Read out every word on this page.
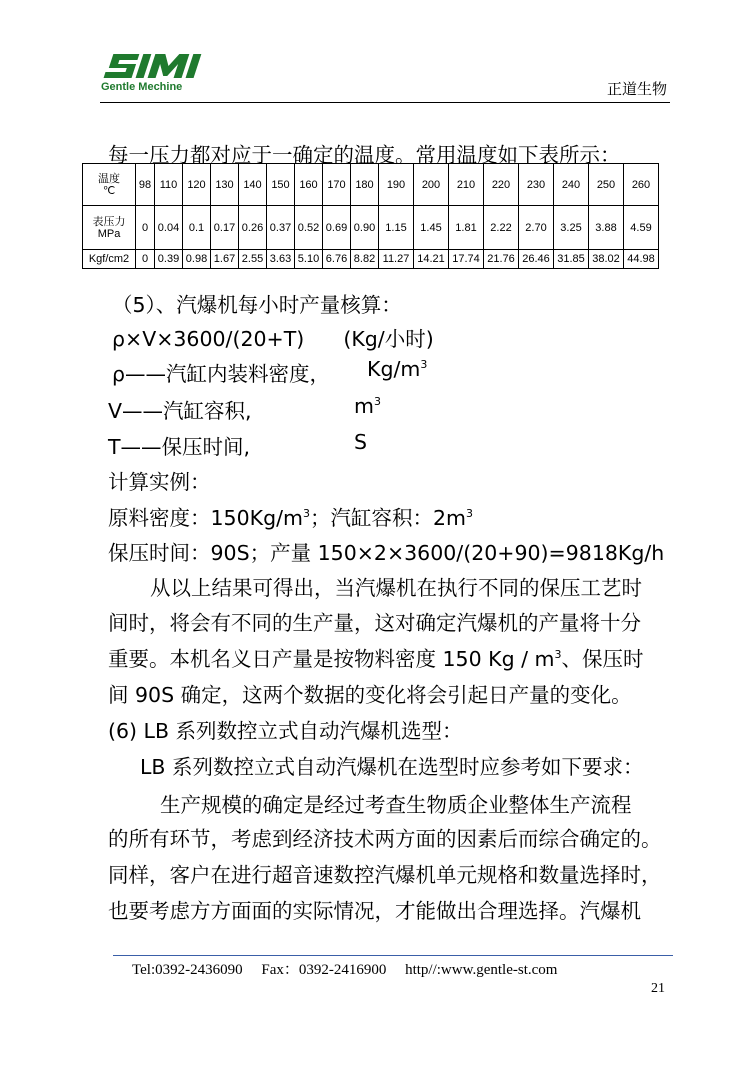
Gentle Mechine	正道生物
每一压力都对应于一确定的温度。常用温度如下表所示：
温度
℃	98	110	120	130	140	150	160	170	180	190	200	210	220	230	240	250	260
表压力
MPa	0	0.04	0.1	0.17	0.26	0.37	0.52	0.69	0.90	1.15	1.45	1.81	2.22	2.70	3.25	3.88	4.59
Kgf/cm2	0	0.39	0.98	1.67	2.55	3.63	5.10	6.76	8.82	11.27	14.21	17.74	21.76	26.46	31.85	38.02	44.98
（5）、汽爆机每小时产量核算：
ρ×V×3600/(20+T)      (Kg/小时)
ρ——汽缸内装料密度， $Kg/m^3$
V——汽缸容积,	$m^3$
T——保压时间,	S
计算实例：
原料密度：$150Kg/m^3$；汽缸容积：$2m^3$
保压时间：90S；产量 150×2×3600/(20+90)=9818Kg/h
从以上结果可得出，当汽爆机在执行不同的保压工艺时
间时，将会有不同的生产量，这对确定汽爆机的产量将十分
重要。本机名义日产量是按物料密度 150 Kg / $m^3$、保压时
间 90S 确定，这两个数据的变化将会引起日产量的变化。
(6) LB 系列数控立式自动汽爆机选型：
LB 系列数控立式自动汽爆机在选型时应参考如下要求：
生产规模的确定是经过考查生物质企业整体生产流程
的所有环节，考虑到经济技术两方面的因素后而综合确定的。
同样，客户在进行超音速数控汽爆机单元规格和数量选择时，
也要考虑方方面面的实际情况，才能做出合理选择。汽爆机
Tel:0392-2436090     Fax：0392-2416900     http//:www.gentle-st.com
21
